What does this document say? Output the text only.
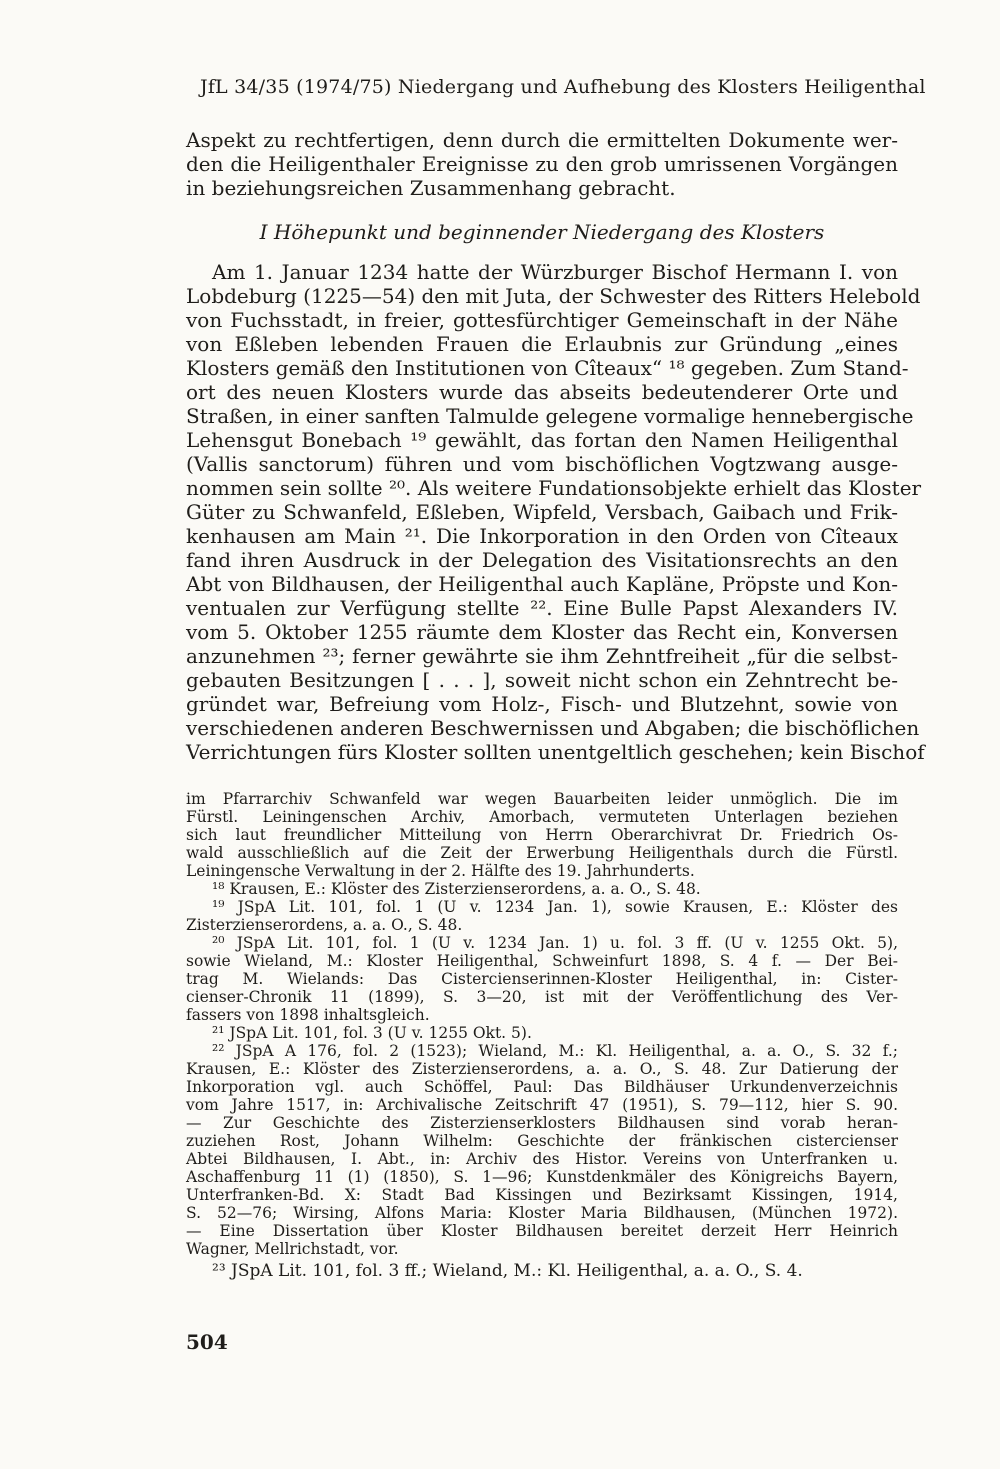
JfL 34/35 (1974/75) Niedergang und Aufhebung des Klosters Heiligenthal
Aspekt zu rechtfertigen, denn durch die ermittelten Dokumente wer-
den die Heiligenthaler Ereignisse zu den grob umrissenen Vorgängen
in beziehungsreichen Zusammenhang gebracht.
I Höhepunkt und beginnender Niedergang des Klosters
Am 1. Januar 1234 hatte der Würzburger Bischof Hermann I. von
Lobdeburg (1225—54) den mit Juta, der Schwester des Ritters Helebold
von Fuchsstadt, in freier, gottesfürchtiger Gemeinschaft in der Nähe
von Eßleben lebenden Frauen die Erlaubnis zur Gründung „eines
Klosters gemäß den Institutionen von Cîteaux“ ¹⁸ gegeben. Zum Stand-
ort des neuen Klosters wurde das abseits bedeutenderer Orte und
Straßen, in einer sanften Talmulde gelegene vormalige hennebergische
Lehensgut Bonebach ¹⁹ gewählt, das fortan den Namen Heiligenthal
(Vallis sanctorum) führen und vom bischöflichen Vogtzwang ausge-
nommen sein sollte ²⁰. Als weitere Fundationsobjekte erhielt das Kloster
Güter zu Schwanfeld, Eßleben, Wipfeld, Versbach, Gaibach und Frik-
kenhausen am Main ²¹. Die Inkorporation in den Orden von Cîteaux
fand ihren Ausdruck in der Delegation des Visitationsrechts an den
Abt von Bildhausen, der Heiligenthal auch Kapläne, Pröpste und Kon-
ventualen zur Verfügung stellte ²². Eine Bulle Papst Alexanders IV.
vom 5. Oktober 1255 räumte dem Kloster das Recht ein, Konversen
anzunehmen ²³; ferner gewährte sie ihm Zehntfreiheit „für die selbst-
gebauten Besitzungen [ . . . ], soweit nicht schon ein Zehntrecht be-
gründet war, Befreiung vom Holz-, Fisch- und Blutzehnt, sowie von
verschiedenen anderen Beschwernissen und Abgaben; die bischöflichen
Verrichtungen fürs Kloster sollten unentgeltlich geschehen; kein Bischof
im Pfarrarchiv Schwanfeld war wegen Bauarbeiten leider unmöglich. Die im
Fürstl. Leiningenschen Archiv, Amorbach, vermuteten Unterlagen beziehen
sich laut freundlicher Mitteilung von Herrn Oberarchivrat Dr. Friedrich Os-
wald ausschließlich auf die Zeit der Erwerbung Heiligenthals durch die Fürstl.
Leiningensche Verwaltung in der 2. Hälfte des 19. Jahrhunderts.
¹⁸ Krausen, E.: Klöster des Zisterzienserordens, a. a. O., S. 48.
¹⁹ JSpA Lit. 101, fol. 1 (U v. 1234 Jan. 1), sowie Krausen, E.: Klöster des
Zisterzienserordens, a. a. O., S. 48.
²⁰ JSpA Lit. 101, fol. 1 (U v. 1234 Jan. 1) u. fol. 3 ff. (U v. 1255 Okt. 5),
sowie Wieland, M.: Kloster Heiligenthal, Schweinfurt 1898, S. 4 f. — Der Bei-
trag M. Wielands: Das Cistercienserinnen-Kloster Heiligenthal, in: Cister-
cienser-Chronik 11 (1899), S. 3—20, ist mit der Veröffentlichung des Ver-
fassers von 1898 inhaltsgleich.
²¹ JSpA Lit. 101, fol. 3 (U v. 1255 Okt. 5).
²² JSpA A 176, fol. 2 (1523); Wieland, M.: Kl. Heiligenthal, a. a. O., S. 32 f.;
Krausen, E.: Klöster des Zisterzienserordens, a. a. O., S. 48. Zur Datierung der
Inkorporation vgl. auch Schöffel, Paul: Das Bildhäuser Urkundenverzeichnis
vom Jahre 1517, in: Archivalische Zeitschrift 47 (1951), S. 79—112, hier S. 90.
— Zur Geschichte des Zisterzienserklosters Bildhausen sind vorab heran-
zuziehen Rost, Johann Wilhelm: Geschichte der fränkischen cistercienser
Abtei Bildhausen, I. Abt., in: Archiv des Histor. Vereins von Unterfranken u.
Aschaffenburg 11 (1) (1850), S. 1—96; Kunstdenkmäler des Königreichs Bayern,
Unterfranken-Bd. X: Stadt Bad Kissingen und Bezirksamt Kissingen, 1914,
S. 52—76; Wirsing, Alfons Maria: Kloster Maria Bildhausen, (München 1972).
— Eine Dissertation über Kloster Bildhausen bereitet derzeit Herr Heinrich
Wagner, Mellrichstadt, vor.
²³ JSpA Lit. 101, fol. 3 ff.; Wieland, M.: Kl. Heiligenthal, a. a. O., S. 4.
504
